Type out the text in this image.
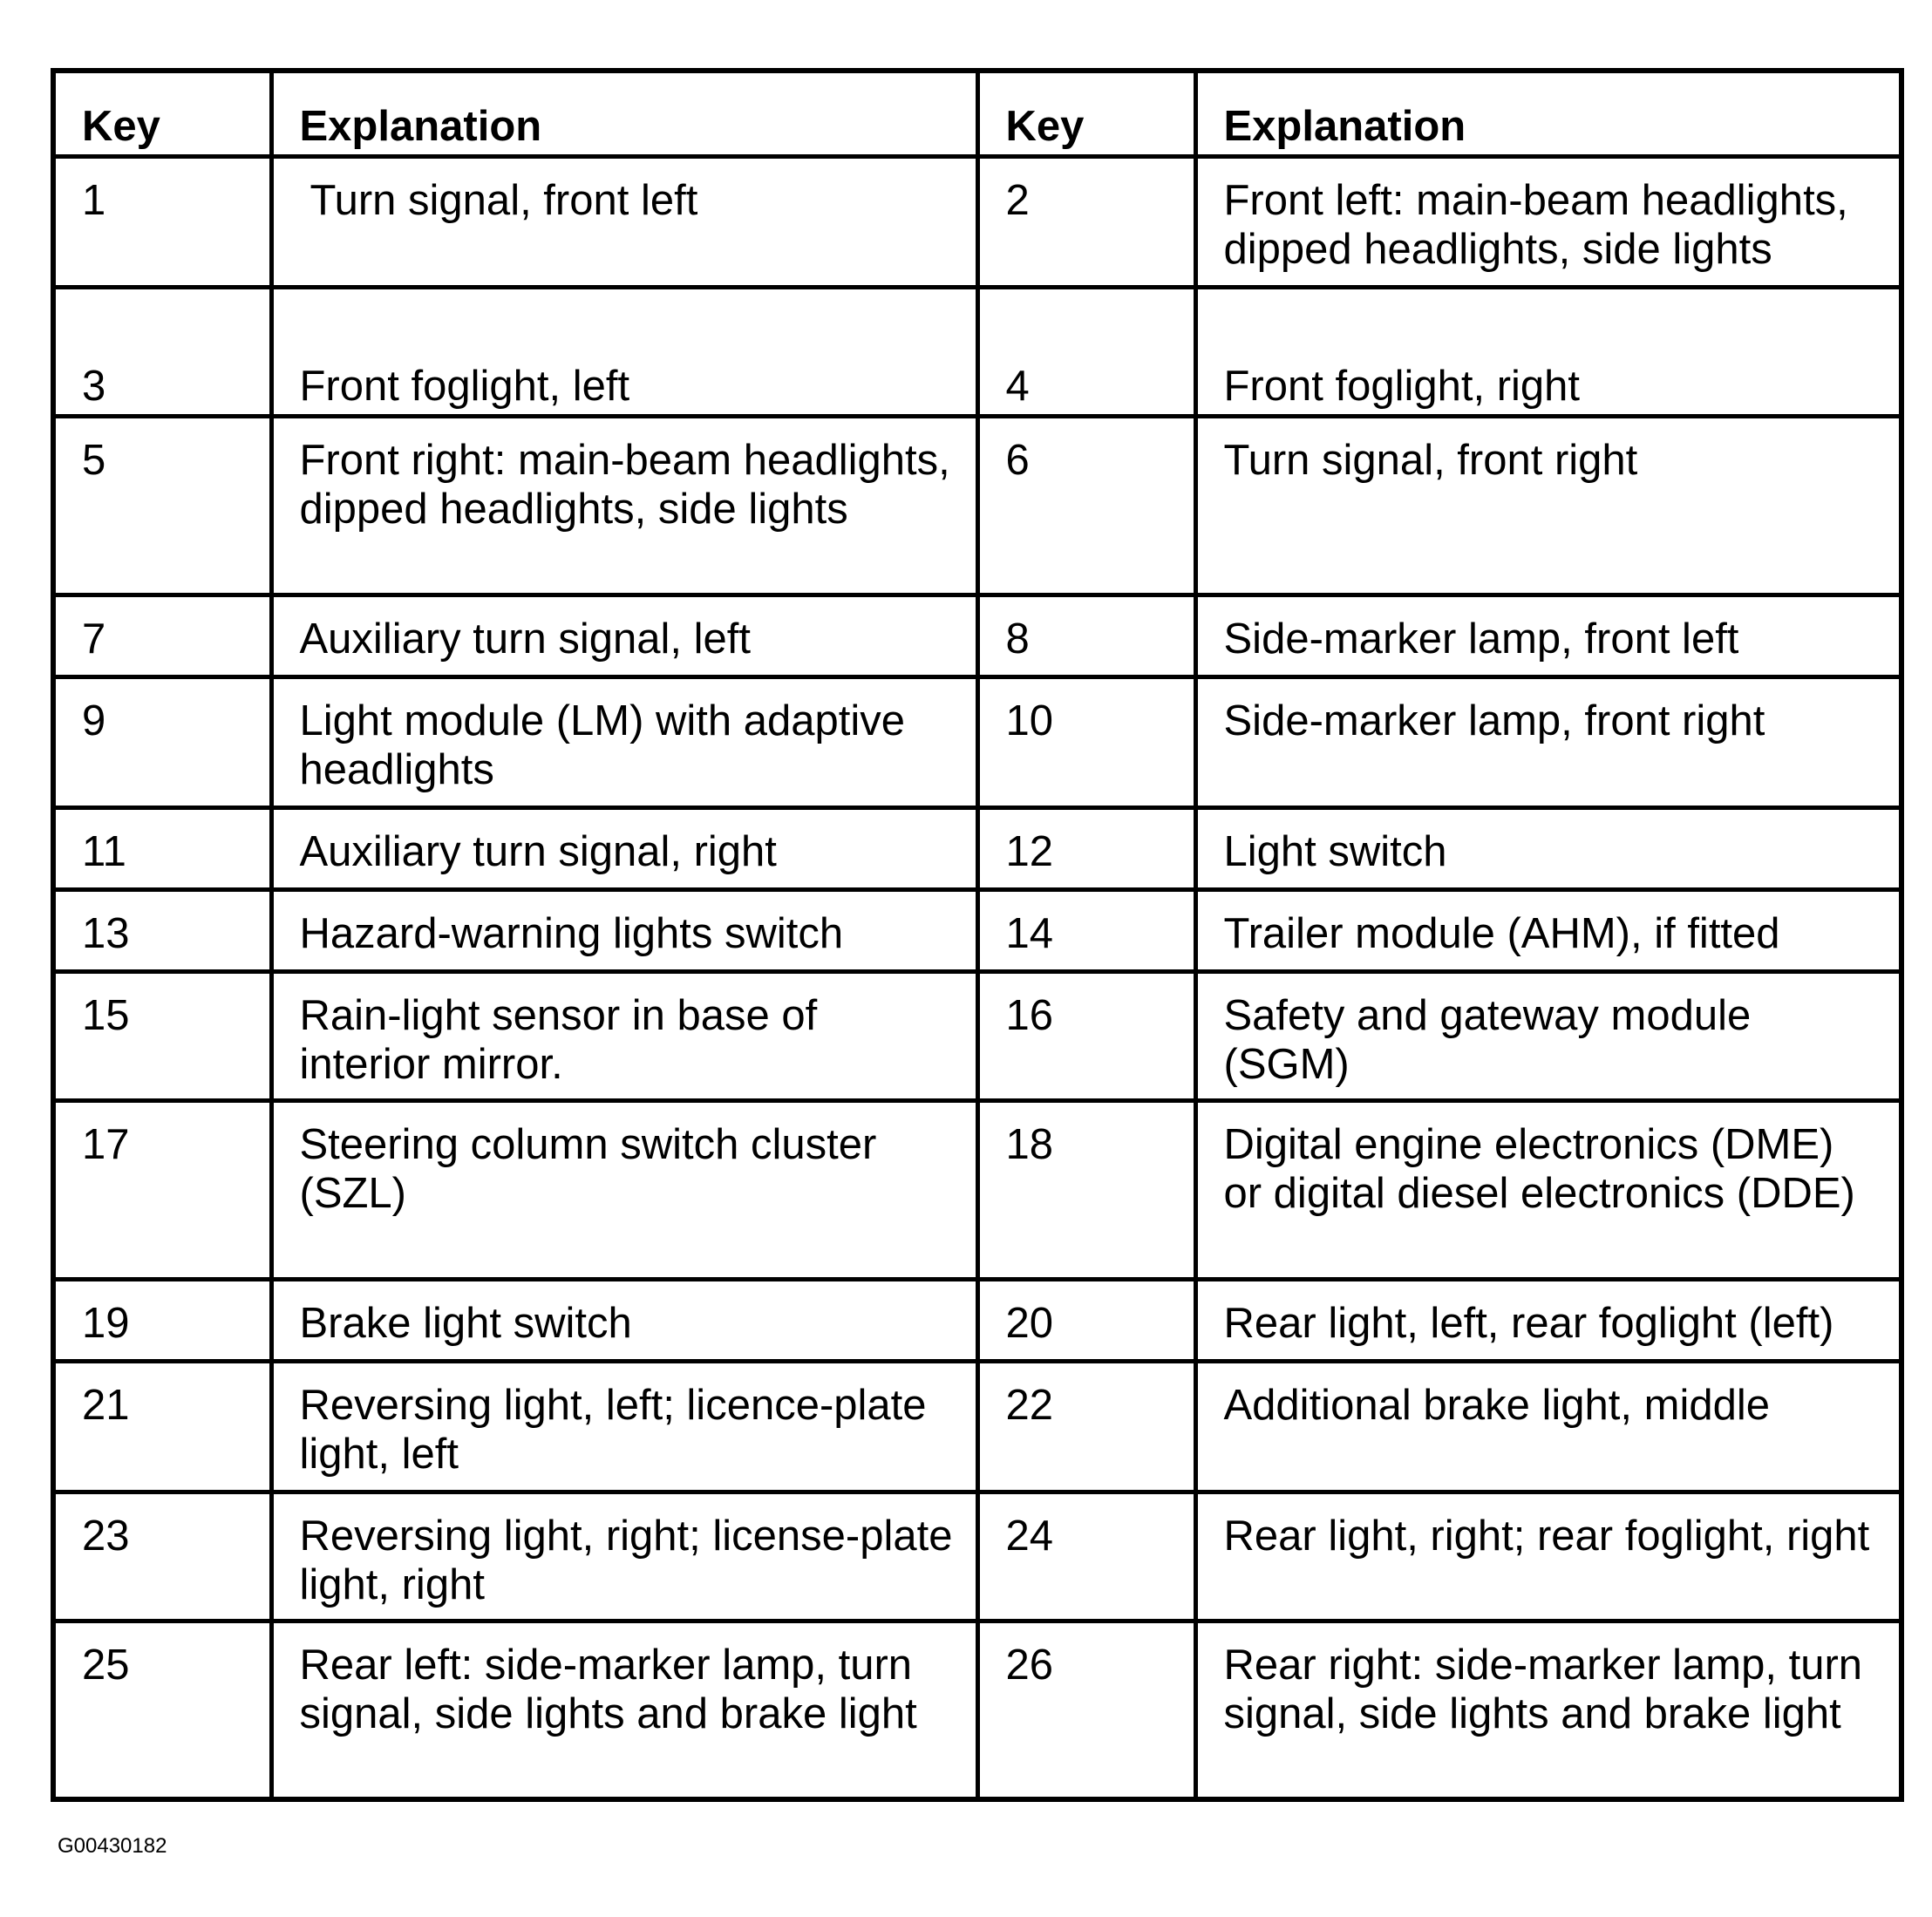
Key	Explanation	Key	Explanation
1	Turn signal, front left	2	Front left: main-beam headlights, dipped headlights, side lights
3	Front foglight, left	4	Front foglight, right
5	Front right: main-beam headlights, dipped headlights, side lights	6	Turn signal, front right
7	Auxiliary turn signal, left	8	Side-marker lamp, front left
9	Light module (LM) with adaptive headlights	10	Side-marker lamp, front right
11	Auxiliary turn signal, right	12	Light switch
13	Hazard-warning lights switch	14	Trailer module (AHM), if fitted
15	Rain-light sensor in base of interior mirror.	16	Safety and gateway module (SGM)
17	Steering column switch cluster (SZL)	18	Digital engine electronics (DME) or digital diesel electronics (DDE)
19	Brake light switch	20	Rear light, left, rear foglight (left)
21	Reversing light, left; licence-plate light, left	22	Additional brake light, middle
23	Reversing light, right; license-plate light, right	24	Rear light, right; rear foglight, right
25	Rear left: side-marker lamp, turn signal, side lights and brake light	26	Rear right: side-marker lamp, turn signal, side lights and brake light
G00430182
